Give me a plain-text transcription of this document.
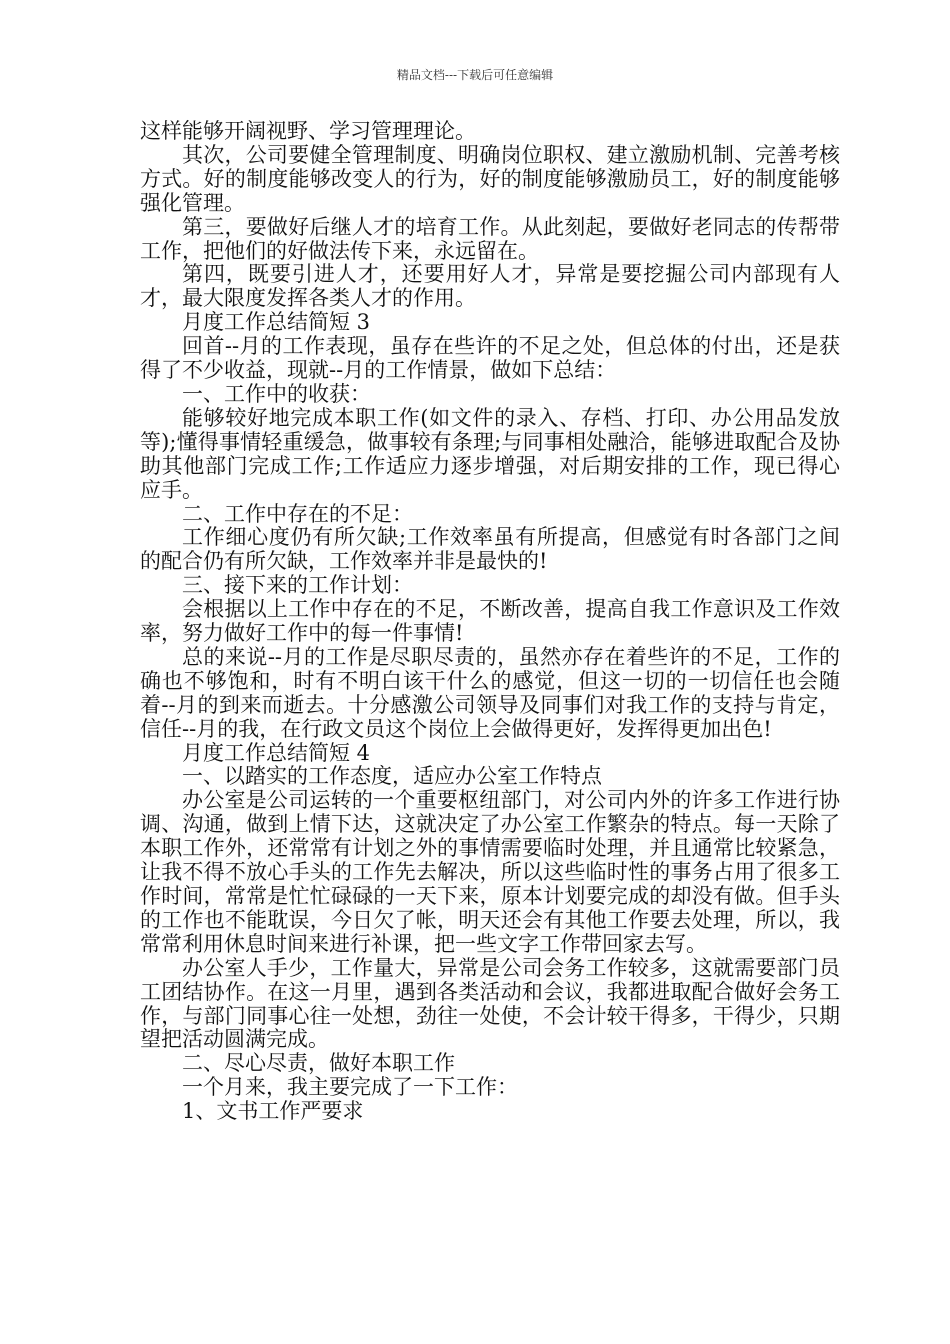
精品文档---下载后可任意编辑

这样能够开阔视野、学习管理理论。

其次，公司要健全管理制度、明确岗位职权、建立激励机制、完善考核方式。好的制度能够改变人的行为，好的制度能够激励员工，好的制度能够强化管理。

第三，要做好后继人才的培育工作。从此刻起，要做好老同志的传帮带工作，把他们的好做法传下来，永远留在。

第四，既要引进人才，还要用好人才，异常是要挖掘公司内部现有人才，最大限度发挥各类人才的作用。

月度工作总结简短 3

回首--月的工作表现，虽存在些许的不足之处，但总体的付出，还是获得了不少收益，现就--月的工作情景，做如下总结：

一、工作中的收获：

能够较好地完成本职工作(如文件的录入、存档、打印、办公用品发放等);懂得事情轻重缓急，做事较有条理;与同事相处融洽，能够进取配合及协助其他部门完成工作;工作适应力逐步增强，对后期安排的工作，现已得心应手。

二、工作中存在的不足：

工作细心度仍有所欠缺;工作效率虽有所提高，但感觉有时各部门之间的配合仍有所欠缺，工作效率并非是最快的!

三、接下来的工作计划：

会根据以上工作中存在的不足，不断改善，提高自我工作意识及工作效率，努力做好工作中的每一件事情!

总的来说--月的工作是尽职尽责的，虽然亦存在着些许的不足，工作的确也不够饱和，时有不明白该干什么的感觉，但这一切的一切信任也会随着--月的到来而逝去。十分感激公司领导及同事们对我工作的支持与肯定，信任--月的我，在行政文员这个岗位上会做得更好，发挥得更加出色!

月度工作总结简短 4

一、以踏实的工作态度，适应办公室工作特点

办公室是公司运转的一个重要枢纽部门，对公司内外的许多工作进行协调、沟通，做到上情下达，这就决定了办公室工作繁杂的特点。每一天除了本职工作外，还常常有计划之外的事情需要临时处理，并且通常比较紧急，让我不得不放心手头的工作先去解决，所以这些临时性的事务占用了很多工作时间，常常是忙忙碌碌的一天下来，原本计划要完成的却没有做。但手头的工作也不能耽误，今日欠了帐，明天还会有其他工作要去处理，所以，我常常利用休息时间来进行补课，把一些文字工作带回家去写。

办公室人手少，工作量大，异常是公司会务工作较多，这就需要部门员工团结协作。在这一月里，遇到各类活动和会议，我都进取配合做好会务工作，与部门同事心往一处想，劲往一处使，不会计较干得多，干得少，只期望把活动圆满完成。

二、尽心尽责，做好本职工作

一个月来，我主要完成了一下工作：

1、文书工作严要求
